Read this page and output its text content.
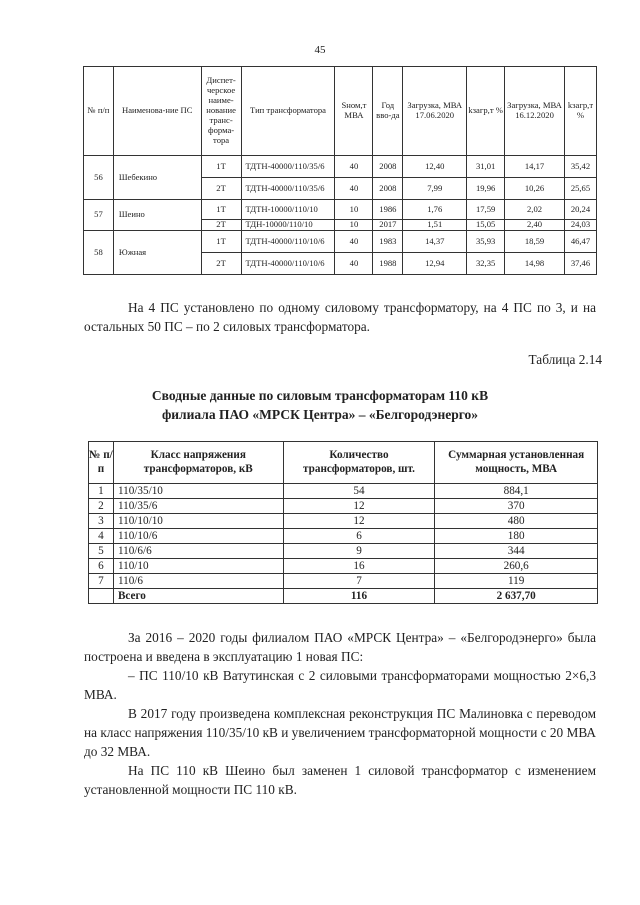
45
№ п/п	Наименова-ние ПС	Диспет-черское наиме-нование транс-форма-тора	Тип трансформатора	Sном,т МВА	Год вво-да	Загрузка, МВА 17.06.2020	kзагр,т %	Загрузка, МВА 16.12.2020	kзагр,т %
56	Шебекино	1Т	ТДТН-40000/110/35/6	40	2008	12,40	31,01	14,17	35,42
		2Т	ТДТН-40000/110/35/6	40	2008	7,99	19,96	10,26	25,65
57	Шеино	1Т	ТДТН-10000/110/10	10	1986	1,76	17,59	2,02	20,24
		2Т	ТДН-10000/110/10	10	2017	1,51	15,05	2,40	24,03
58	Южная	1Т	ТДТН-40000/110/10/6	40	1983	14,37	35,93	18,59	46,47
		2Т	ТДТН-40000/110/10/6	40	1988	12,94	32,35	14,98	37,46
На 4 ПС установлено по одному силовому трансформатору, на 4 ПС по 3, и на остальных 50 ПС – по 2 силовых трансформатора.
Таблица 2.14
Сводные данные по силовым трансформаторам 110 кВ
филиала ПАО «МРСК Центра» – «Белгородэнерго»
№ п/п	Класс напряжения трансформаторов, кВ	Количество трансформаторов, шт.	Суммарная установленная мощность, МВА
1	110/35/10	54	884,1
2	110/35/6	12	370
3	110/10/10	12	480
4	110/10/6	6	180
5	110/6/6	9	344
6	110/10	16	260,6
7	110/6	7	119
	Всего	116	2 637,70
За 2016 – 2020 годы филиалом ПАО «МРСК Центра» – «Белгородэнерго» была построена и введена в эксплуатацию 1 новая ПС:
– ПС 110/10 кВ Ватутинская с 2 силовыми трансформаторами мощностью 2×6,3 МВА.
В 2017 году произведена комплексная реконструкция ПС Малиновка с переводом на класс напряжения 110/35/10 кВ и увеличением трансформаторной мощности с 20 МВА до 32 МВА.
На ПС 110 кВ Шеино был заменен 1 силовой трансформатор с изменением установленной мощности ПС 110 кВ.
